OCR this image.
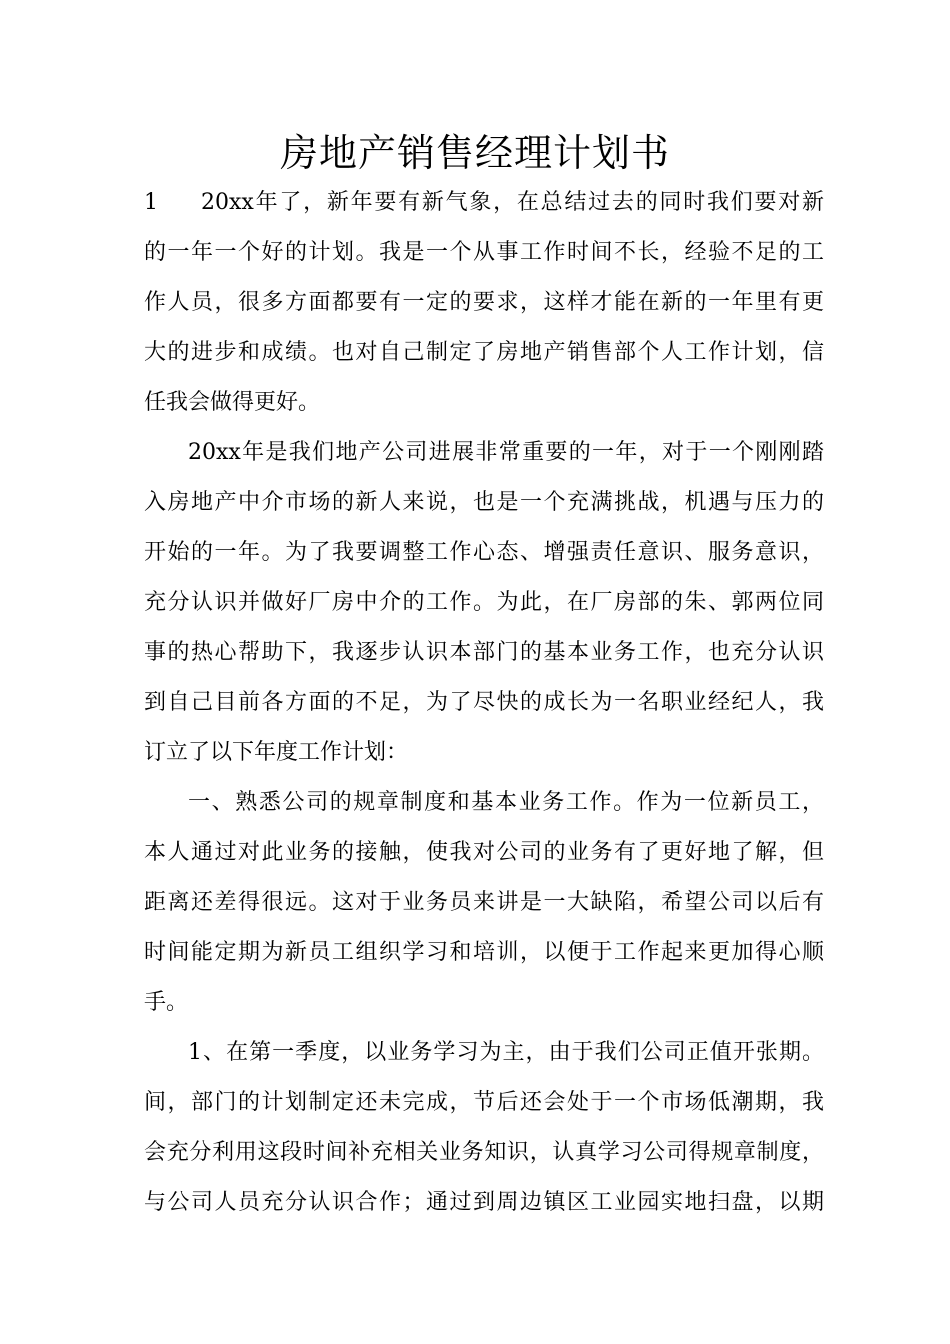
房地产销售经理计划书
1 20xx年了，新年要有新气象，在总结过去的同时我们要对新
的一年一个好的计划。我是一个从事工作时间不长，经验不足的工
作人员，很多方面都要有一定的要求，这样才能在新的一年里有更
大的进步和成绩。也对自己制定了房地产销售部个人工作计划，信
任我会做得更好。
20xx年是我们地产公司进展非常重要的一年，对于一个刚刚踏
入房地产中介市场的新人来说，也是一个充满挑战，机遇与压力的
开始的一年。为了我要调整工作心态、增强责任意识、服务意识，
充分认识并做好厂房中介的工作。为此，在厂房部的朱、郭两位同
事的热心帮助下，我逐步认识本部门的基本业务工作，也充分认识
到自己目前各方面的不足，为了尽快的成长为一名职业经纪人，我
订立了以下年度工作计划：
一、熟悉公司的规章制度和基本业务工作。作为一位新员工，
本人通过对此业务的接触，使我对公司的业务有了更好地了解，但
距离还差得很远。这对于业务员来讲是一大缺陷，希望公司以后有
时间能定期为新员工组织学习和培训，以便于工作起来更加得心顺
手。
1、在第一季度，以业务学习为主，由于我们公司正值开张期。
间，部门的计划制定还未完成，节后还会处于一个市场低潮期，我
会充分利用这段时间补充相关业务知识，认真学习公司得规章制度，
与公司人员充分认识合作；通过到周边镇区工业园实地扫盘，以期
